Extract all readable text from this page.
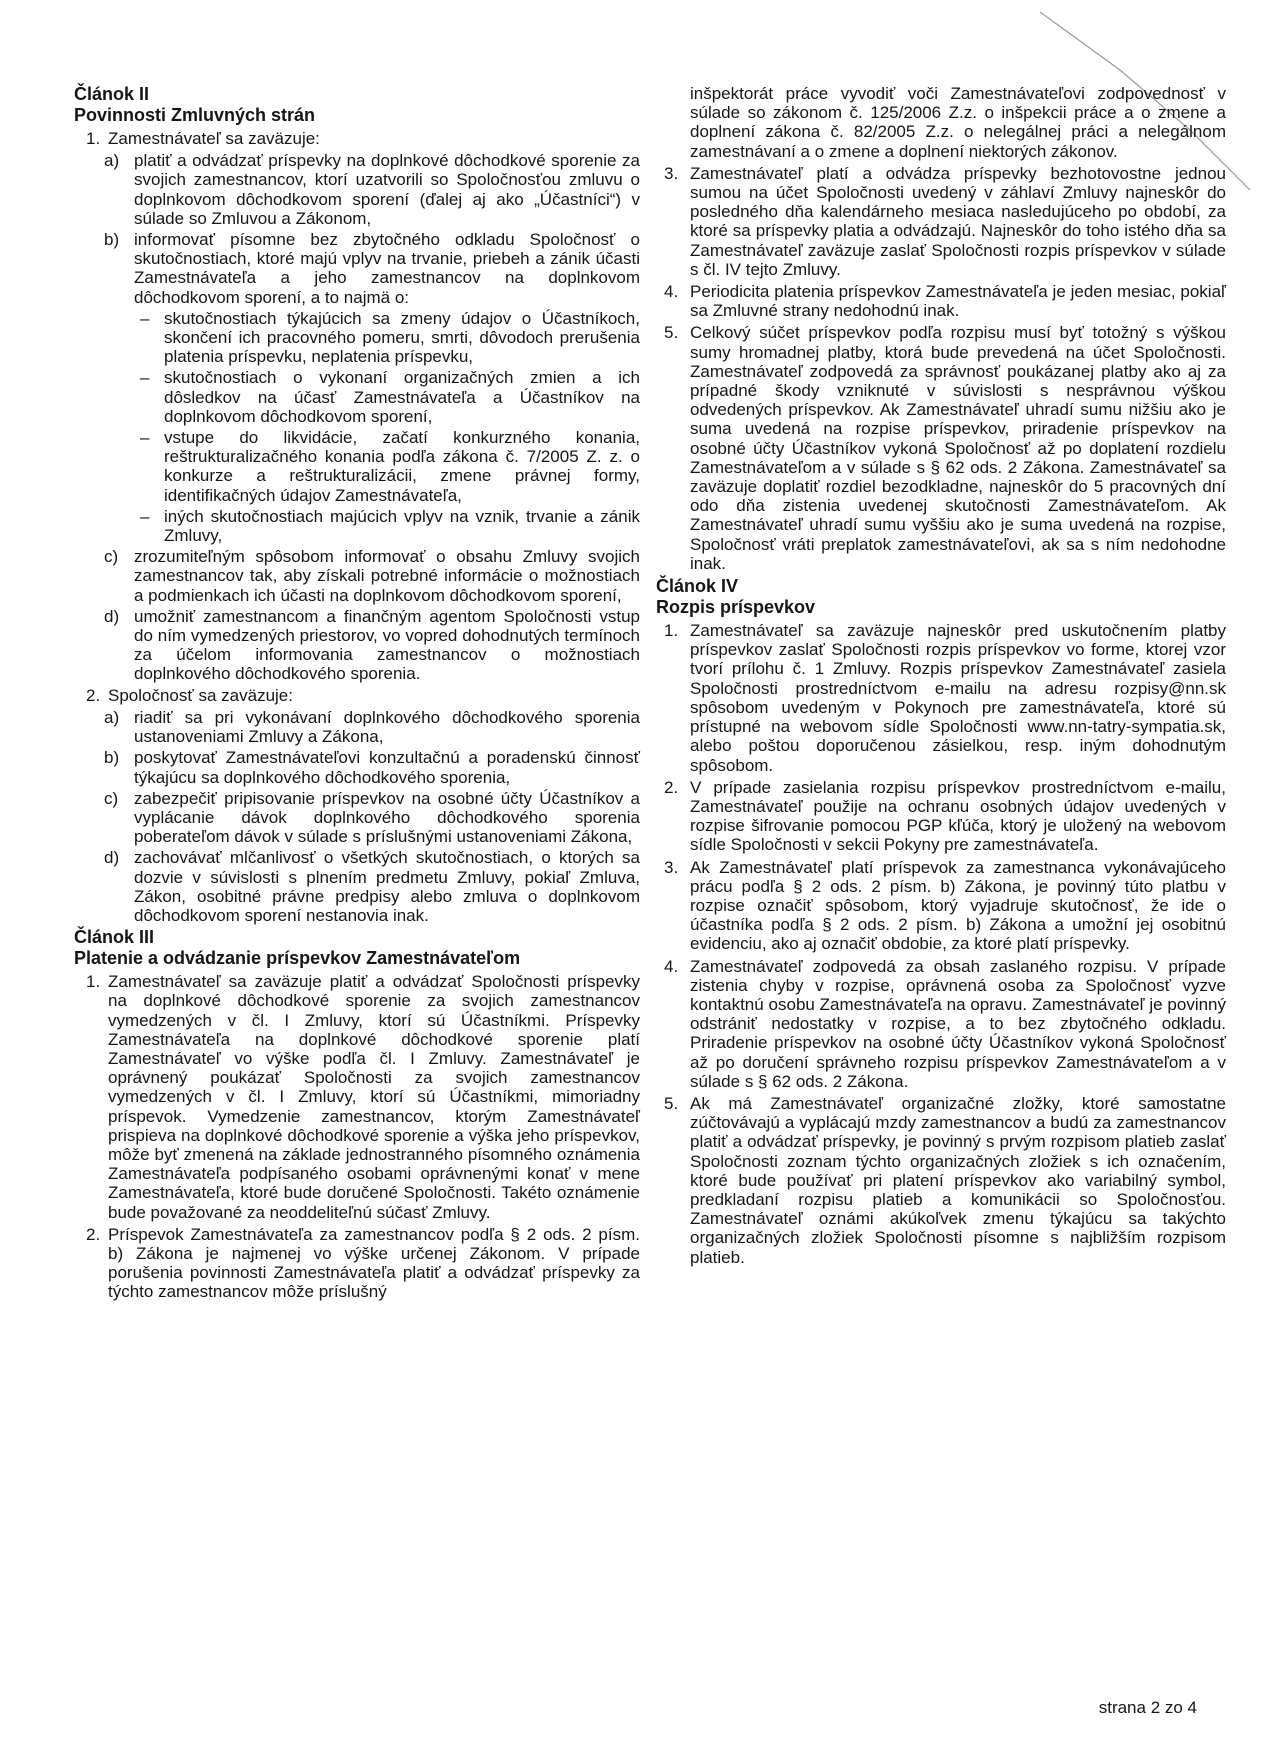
Článok II
Povinnosti Zmluvných strán
1. Zamestnávateľ sa zaväzuje:
a) platiť a odvádzať príspevky na doplnkové dôchodkové sporenie za svojich zamestnancov, ktorí uzatvorili so Spoločnosťou zmluvu o doplnkovom dôchodkovom sporení (ďalej aj ako „Účastníci“) v súlade so Zmluvou a Zákonom,
b) informovať písomne bez zbytočného odkladu Spoločnosť o skutočnostiach, ktoré majú vplyv na trvanie, priebeh a zánik účasti Zamestnávateľa a jeho zamestnancov na doplnkovom dôchodkovom sporení, a to najmä o:
– skutočnostiach týkajúcich sa zmeny údajov o Účastníkoch, skončení ich pracovného pomeru, smrti, dôvodoch prerušenia platenia príspevku, neplatenia príspevku,
– skutočnostiach o vykonaní organizačných zmien a ich dôsledkov na účasť Zamestnávateľa a Účastníkov na doplnkovom dôchodkovom sporení,
– vstupe do likvidácie, začatí konkurzného konania, reštrukturalizačného konania podľa zákona č. 7/2005 Z. z. o konkurze a reštrukturalizácii, zmene právnej formy, identifikačných údajov Zamestnávateľa,
– iných skutočnostiach majúcich vplyv na vznik, trvanie a zánik Zmluvy,
c) zrozumiteľným spôsobom informovať o obsahu Zmluvy svojich zamestnancov tak, aby získali potrebné informácie o možnostiach a podmienkach ich účasti na doplnkovom dôchodkovom sporení,
d) umožniť zamestnancom a finančným agentom Spoločnosti vstup do ním vymedzených priestorov, vo vopred dohodnutých termínoch za účelom informovania zamestnancov o možnostiach doplnkového dôchodkového sporenia.
2. Spoločnosť sa zaväzuje:
a) riadiť sa pri vykonávaní doplnkového dôchodkového sporenia ustanoveniami Zmluvy a Zákona,
b) poskytovať Zamestnávateľovi konzultačnú a poradenskú činnosť týkajúcu sa doplnkového dôchodkového sporenia,
c) zabezpečiť pripisovanie príspevkov na osobné účty Účastníkov a vyplácanie dávok doplnkového dôchodkového sporenia poberateľom dávok v súlade s príslušnými ustanoveniami Zákona,
d) zachovávať mlčanlivosť o všetkých skutočnostiach, o ktorých sa dozvie v súvislosti s plnením predmetu Zmluvy, pokiaľ Zmluva, Zákon, osobitné právne predpisy alebo zmluva o doplnkovom dôchodkovom sporení nestanovia inak.
Článok III
Platenie a odvádzanie príspevkov Zamestnávateľom
1. Zamestnávateľ sa zaväzuje platiť a odvádzať Spoločnosti príspevky na doplnkové dôchodkové sporenie za svojich zamestnancov vymedzených v čl. I Zmluvy, ktorí sú Účastníkmi. Príspevky Zamestnávateľa na doplnkové dôchodkové sporenie platí Zamestnávateľ vo výške podľa čl. I Zmluvy. Zamestnávateľ je oprávnený poukázať Spoločnosti za svojich zamestnancov vymedzených v čl. I Zmluvy, ktorí sú Účastníkmi, mimoriadny príspevok. Vymedzenie zamestnancov, ktorým Zamestnávateľ prispieva na doplnkové dôchodkové sporenie a výška jeho príspevkov, môže byť zmenená na základe jednostranného písomného oznámenia Zamestnávateľa podpísaného osobami oprávnenými konať v mene Zamestnávateľa, ktoré bude doručené Spoločnosti. Takéto oznámenie bude považované za neoddeliteľnú súčasť Zmluvy.
2. Príspevok Zamestnávateľa za zamestnancov podľa § 2 ods. 2 písm. b) Zákona je najmenej vo výške určenej Zákonom. V prípade porušenia povinnosti Zamestnávateľa platiť a odvádzať príspevky za týchto zamestnancov môže príslušný
inšpektorát práce vyvodiť voči Zamestnávateľovi zodpovednosť v súlade so zákonom č. 125/2006 Z.z. o inšpekcii práce a o zmene a doplnení zákona č. 82/2005 Z.z. o nelegálnej práci a nelegálnom zamestnávaní a o zmene a doplnení niektorých zákonov.
3. Zamestnávateľ platí a odvádza príspevky bezhotovostne jednou sumou na účet Spoločnosti uvedený v záhlaví Zmluvy najneskôr do posledného dňa kalendárneho mesiaca nasledujúceho po období, za ktoré sa príspevky platia a odvádzajú. Najneskôr do toho istého dňa sa Zamestnávateľ zaväzuje zaslať Spoločnosti rozpis príspevkov v súlade s čl. IV tejto Zmluvy.
4. Periodicita platenia príspevkov Zamestnávateľa je jeden mesiac, pokiaľ sa Zmluvné strany nedohodnú inak.
5. Celkový súčet príspevkov podľa rozpisu musí byť totožný s výškou sumy hromadnej platby, ktorá bude prevedená na účet Spoločnosti. Zamestnávateľ zodpovedá za správnosť poukázanej platby ako aj za prípadné škody vzniknuté v súvislosti s nesprávnou výškou odvedených príspevkov. Ak Zamestnávateľ uhradí sumu nižšiu ako je suma uvedená na rozpise príspevkov, priradenie príspevkov na osobné účty Účastníkov vykoná Spoločnosť až po doplatení rozdielu Zamestnávateľom a v súlade s § 62 ods. 2 Zákona. Zamestnávateľ sa zaväzuje doplatiť rozdiel bezodkladne, najneskôr do 5 pracovných dní odo dňa zistenia uvedenej skutočnosti Zamestnávateľom. Ak Zamestnávateľ uhradí sumu vyššiu ako je suma uvedená na rozpise, Spoločnosť vráti preplatok zamestnávateľovi, ak sa s ním nedohodne inak.
Článok IV
Rozpis príspevkov
1. Zamestnávateľ sa zaväzuje najneskôr pred uskutočnením platby príspevkov zaslať Spoločnosti rozpis príspevkov vo forme, ktorej vzor tvorí prílohu č. 1 Zmluvy. Rozpis príspevkov Zamestnávateľ zasiela Spoločnosti prostredníctvom e-mailu na adresu rozpisy@nn.sk spôsobom uvedeným v Pokynoch pre zamestnávateľa, ktoré sú prístupné na webovom sídle Spoločnosti www.nn-tatry-sympatia.sk, alebo poštou doporučenou zásielkou, resp. iným dohodnutým spôsobom.
2. V prípade zasielania rozpisu príspevkov prostredníctvom e-mailu, Zamestnávateľ použije na ochranu osobných údajov uvedených v rozpise šifrovanie pomocou PGP kľúča, ktorý je uložený na webovom sídle Spoločnosti v sekcii Pokyny pre zamestnávateľa.
3. Ak Zamestnávateľ platí príspevok za zamestnanca vykonávajúceho prácu podľa § 2 ods. 2 písm. b) Zákona, je povinný túto platbu v rozpise označiť spôsobom, ktorý vyjadruje skutočnosť, že ide o účastníka podľa § 2 ods. 2 písm. b) Zákona a umožní jej osobitnú evidenciu, ako aj označiť obdobie, za ktoré platí príspevky.
4. Zamestnávateľ zodpovedá za obsah zaslaného rozpisu. V prípade zistenia chyby v rozpise, oprávnená osoba za Spoločnosť vyzve kontaktnú osobu Zamestnávateľa na opravu. Zamestnávateľ je povinný odstrániť nedostatky v rozpise, a to bez zbytočného odkladu. Priradenie príspevkov na osobné účty Účastníkov vykoná Spoločnosť až po doručení správneho rozpisu príspevkov Zamestnávateľom a v súlade s § 62 ods. 2 Zákona.
5. Ak má Zamestnávateľ organizačné zložky, ktoré samostatne zúčtovávajú a vyplácajú mzdy zamestnancov a budú za zamestnancov platiť a odvádzať príspevky, je povinný s prvým rozpisom platieb zaslať Spoločnosti zoznam týchto organizačných zložiek s ich označením, ktoré bude používať pri platení príspevkov ako variabilný symbol, predkladaní rozpisu platieb a komunikácii so Spoločnosťou. Zamestnávateľ oznámi akúkoľvek zmenu týkajúcu sa takýchto organizačných zložiek Spoločnosti písomne s najbližším rozpisom platieb.
strana 2 zo 4
